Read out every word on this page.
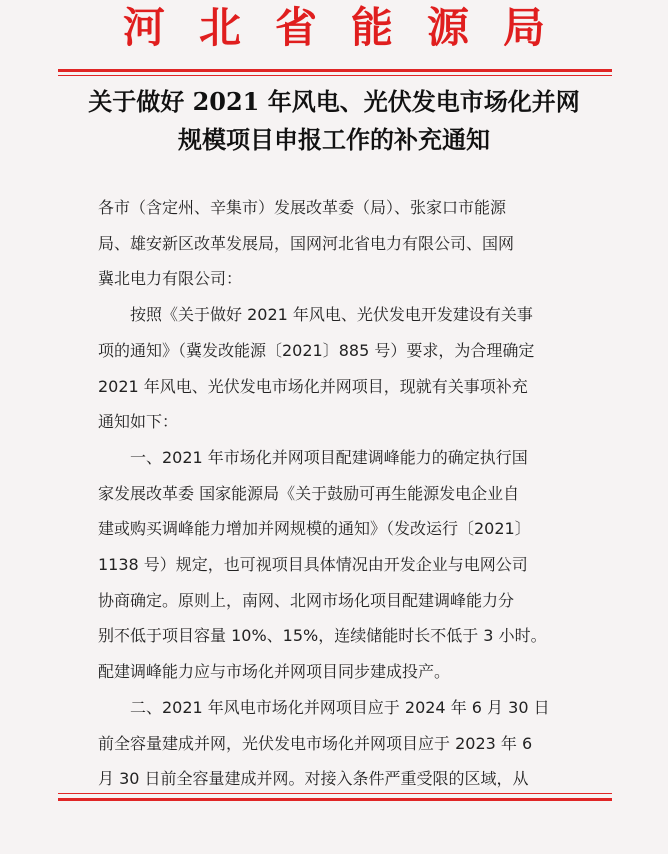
河北省能源局
关于做好 2021 年风电、光伏发电市场化并网
规模项目申报工作的补充通知
各市（含定州、辛集市）发展改革委（局）、张家口市能源
局、雄安新区改革发展局，国网河北省电力有限公司、国网
冀北电力有限公司：
　　按照《关于做好 2021 年风电、光伏发电开发建设有关事
项的通知》（冀发改能源〔2021〕885 号）要求，为合理确定
2021 年风电、光伏发电市场化并网项目，现就有关事项补充
通知如下：
　　一、2021 年市场化并网项目配建调峰能力的确定执行国
家发展改革委 国家能源局《关于鼓励可再生能源发电企业自
建或购买调峰能力增加并网规模的通知》（发改运行〔2021〕
1138 号）规定，也可视项目具体情况由开发企业与电网公司
协商确定。原则上，南网、北网市场化项目配建调峰能力分
别不低于项目容量 10%、15%，连续储能时长不低于 3 小时。
配建调峰能力应与市场化并网项目同步建成投产。
　　二、2021 年风电市场化并网项目应于 2024 年 6 月 30 日
前全容量建成并网，光伏发电市场化并网项目应于 2023 年 6
月 30 日前全容量建成并网。对接入条件严重受限的区域，从
